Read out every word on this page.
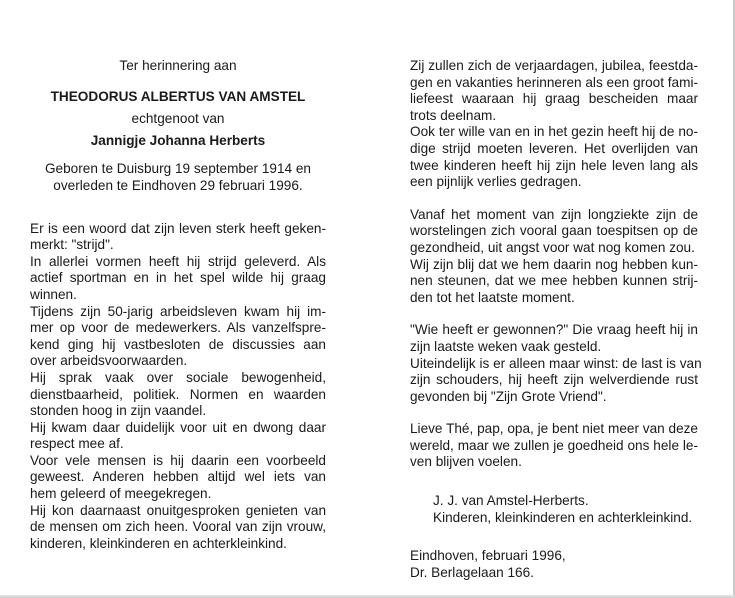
Ter herinnering aan
THEODORUS ALBERTUS VAN AMSTEL
echtgenoot van
Jannigje Johanna Herberts
Geboren te Duisburg 19 september 1914 en
overleden te Eindhoven 29 februari 1996.
Er is een woord dat zijn leven sterk heeft geken-
merkt: "strijd".
In allerlei vormen heeft hij strijd geleverd. Als
actief sportman en in het spel wilde hij graag
winnen.
Tijdens zijn 50-jarig arbeidsleven kwam hij im-
mer op voor de medewerkers. Als vanzelfspre-
kend ging hij vastbesloten de discussies aan
over arbeidsvoorwaarden.
Hij sprak vaak over sociale bewogenheid,
dienstbaarheid, politiek. Normen en waarden
stonden hoog in zijn vaandel.
Hij kwam daar duidelijk voor uit en dwong daar
respect mee af.
Voor vele mensen is hij daarin een voorbeeld
geweest. Anderen hebben altijd wel iets van
hem geleerd of meegekregen.
Hij kon daarnaast onuitgesproken genieten van
de mensen om zich heen. Vooral van zijn vrouw,
kinderen, kleinkinderen en achterkleinkind.
Zij zullen zich de verjaardagen, jubilea, feestda-
gen en vakanties herinneren als een groot fami-
liefeest waaraan hij graag bescheiden maar
trots deelnam.
Ook ter wille van en in het gezin heeft hij de no-
dige strijd moeten leveren. Het overlijden van
twee kinderen heeft hij zijn hele leven lang als
een pijnlijk verlies gedragen.
Vanaf het moment van zijn longziekte zijn de
worstelingen zich vooral gaan toespitsen op de
gezondheid, uit angst voor wat nog komen zou.
Wij zijn blij dat we hem daarin nog hebben kun-
nen steunen, dat we mee hebben kunnen strij-
den tot het laatste moment.
"Wie heeft er gewonnen?" Die vraag heeft hij in
zijn laatste weken vaak gesteld.
Uiteindelijk is er alleen maar winst: de last is van
zijn schouders, hij heeft zijn welverdiende rust
gevonden bij "Zijn Grote Vriend".
Lieve Thé, pap, opa, je bent niet meer van deze
wereld, maar we zullen je goedheid ons hele le-
ven blijven voelen.
J. J. van Amstel-Herberts.
Kinderen, kleinkinderen en achterkleinkind.
Eindhoven, februari 1996,
Dr. Berlagelaan 166.
